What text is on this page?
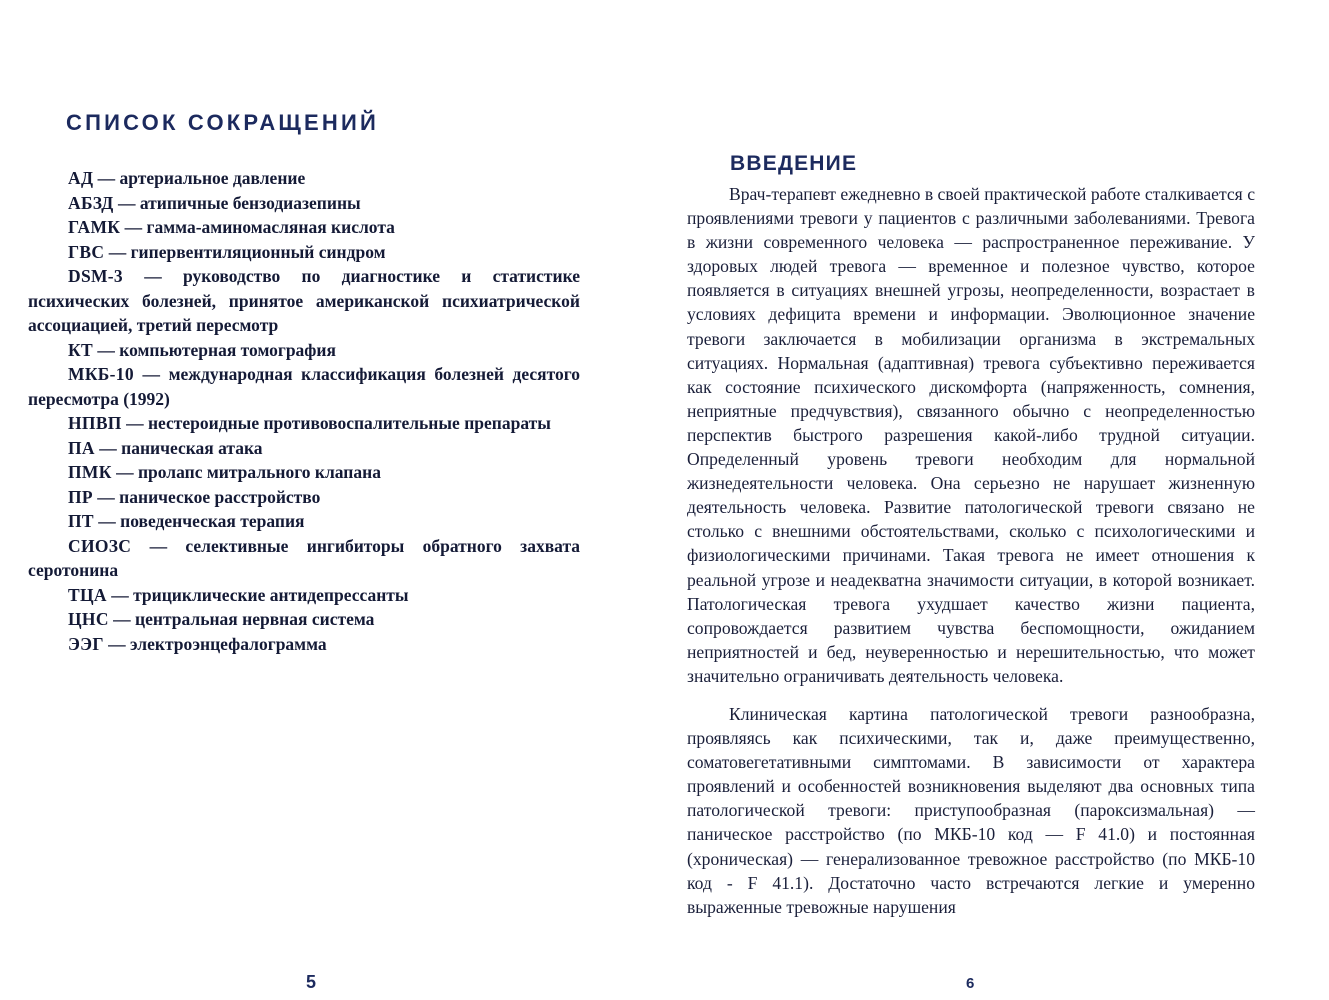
СПИСОК СОКРАЩЕНИЙ

АД — артериальное давление

АБЗД — атипичные бензодиазепины

ГАМК — гамма-аминомасляная кислота

ГВС — гипервентиляционный синдром

DSM-3 — руководство по диагностике и статистике психических болезней, принятое американской психиатрической ассоциацией, третий пересмотр

КТ — компьютерная томография

МКБ-10 — международная классификация болезней десятого пересмотра (1992)

НПВП — нестероидные противовоспалительные препараты

ПА — паническая атака

ПМК — пролапс митрального клапана

ПР — паническое расстройство

ПТ — поведенческая терапия

СИОЗС — селективные ингибиторы обратного захвата серотонина

ТЦА — трициклические антидепрессанты

ЦНС — центральная нервная система

ЭЭГ — электроэнцефалограмма

5
ВВЕДЕНИЕ

Врач-терапевт ежедневно в своей практической работе сталкивается с проявлениями тревоги у пациентов с различными заболеваниями. Тревога в жизни современного человека — распространенное переживание. У здоровых людей тревога — временное и полезное чувство, которое появляется в ситуациях внешней угрозы, неопределенности, возрастает в условиях дефицита времени и информации. Эволюционное значение тревоги заключается в мобилизации организма в экстремальных ситуациях. Нормальная (адаптивная) тревога субъективно переживается как состояние психического дискомфорта (напряженность, сомнения, неприятные предчувствия), связанного обычно с неопределенностью перспектив быстрого разрешения какой-либо трудной ситуации. Определенный уровень тревоги необходим для нормальной жизнедеятельности человека. Она серьезно не нарушает жизненную деятельность человека. Развитие патологической тревоги связано не столько с внешними обстоятельствами, сколько с психологическими и физиологическими причинами. Такая тревога не имеет отношения к реальной угрозе и неадекватна значимости ситуации, в которой возникает. Патологическая тревога ухудшает качество жизни пациента, сопровождается развитием чувства беспомощности, ожиданием неприятностей и бед, неуверенностью и нерешительностью, что может значительно ограничивать деятельность человека.

Клиническая картина патологической тревоги разнообразна, проявляясь как психическими, так и, даже преимущественно, соматовегетативными симптомами. В зависимости от характера проявлений и особенностей возникновения выделяют два основных типа патологической тревоги: приступообразная (пароксизмальная) — паническое расстройство (по МКБ-10 код — F 41.0) и постоянная (хроническая) — генерализованное тревожное расстройство (по МКБ-10 код - F 41.1). Достаточно часто встречаются легкие и умеренно выраженные тревожные нарушения

6
